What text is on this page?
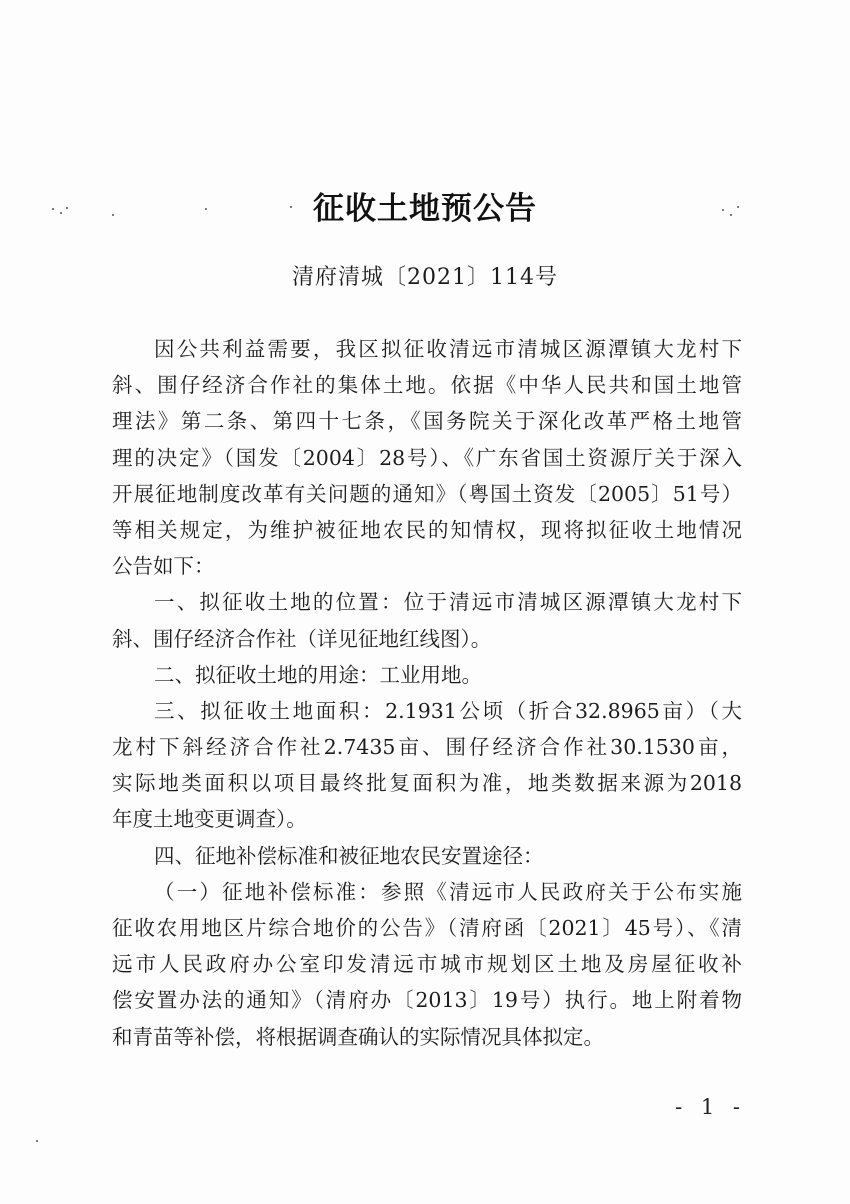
征收土地预公告
清府清城〔2021〕114号
因公共利益需要，我区拟征收清远市清城区源潭镇大龙村下
斜、围仔经济合作社的集体土地。依据《中华人民共和国土地管
理法》第二条、第四十七条，《国务院关于深化改革严格土地管
理的决定》（国发〔2004〕28号）、《广东省国土资源厅关于深入
开展征地制度改革有关问题的通知》（粤国土资发〔2005〕51号）
等相关规定，为维护被征地农民的知情权，现将拟征收土地情况
公告如下：
一、拟征收土地的位置：位于清远市清城区源潭镇大龙村下
斜、围仔经济合作社（详见征地红线图）。
二、拟征收土地的用途：工业用地。
三、拟征收土地面积：2.1931公顷（折合32.8965亩）（大
龙村下斜经济合作社2.7435亩、围仔经济合作社30.1530亩，
实际地类面积以项目最终批复面积为准，地类数据来源为2018
年度土地变更调查）。
四、征地补偿标准和被征地农民安置途径：
（一）征地补偿标准：参照《清远市人民政府关于公布实施
征收农用地区片综合地价的公告》（清府函〔2021〕45号）、《清
远市人民政府办公室印发清远市城市规划区土地及房屋征收补
偿安置办法的通知》（清府办〔2013〕19号）执行。地上附着物
和青苗等补偿，将根据调查确认的实际情况具体拟定。
- 1 -
